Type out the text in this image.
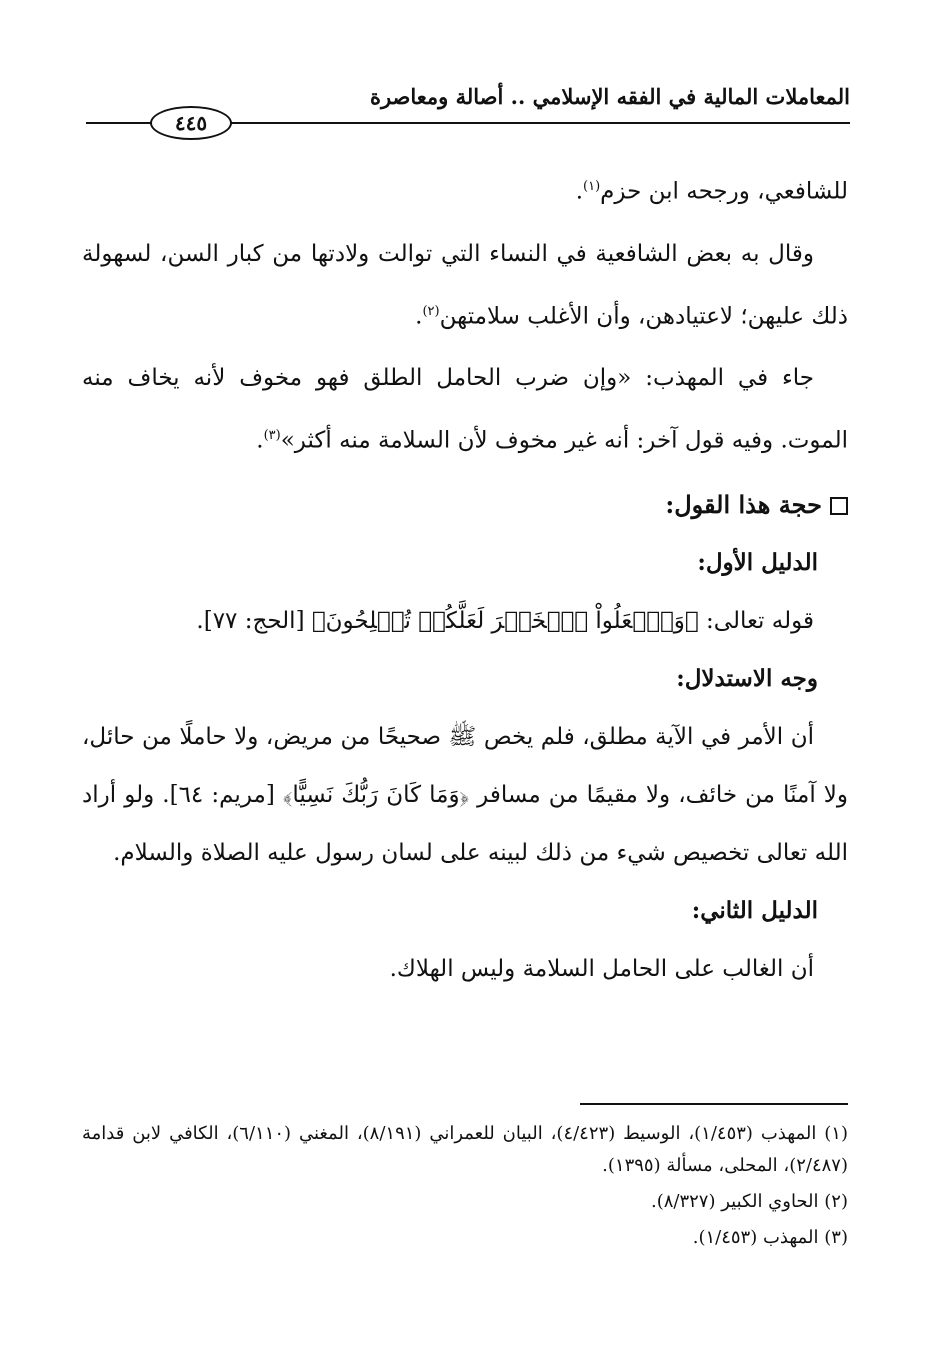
المعاملات المالية في الفقه الإسلامي .. أصالة ومعاصرة
٤٤٥

للشافعي، ورجحه ابن حزم$^{(١)}$.

وقال به بعض الشافعية في النساء التي توالت ولادتها من كبار السن، لسهولة ذلك عليهن؛ لاعتيادهن، وأن الأغلب سلامتهن$^{(٢)}$.

جاء في المهذب: «وإن ضرب الحامل الطلق فهو مخوف لأنه يخاف منه الموت. وفيه قول آخر: أنه غير مخوف لأن السلامة منه أكثر»$^{(٣)}$.

حجة هذا القول:

الدليل الأول:

قوله تعالى: ﴿وَٱفۡعَلُواْ ٱلۡخَيۡرَ لَعَلَّكُمۡ تُفۡلِحُونَ﴾ [الحج: ٧٧].

وجه الاستدلال:

أن الأمر في الآية مطلق، فلم يخص ﷺ صحيحًا من مريض، ولا حاملًا من حائل، ولا آمنًا من خائف، ولا مقيمًا من مسافر ﴿وَمَا كَانَ رَبُّكَ نَسِيًّا﴾ [مريم: ٦٤]. ولو أراد الله تعالى تخصيص شيء من ذلك لبينه على لسان رسول عليه الصلاة والسلام.

الدليل الثاني:

أن الغالب على الحامل السلامة وليس الهلاك.

(١) المهذب (١/٤٥٣)، الوسيط (٤/٤٢٣)، البيان للعمراني (٨/١٩١)، المغني (٦/١١٠)، الكافي لابن قدامة (٢/٤٨٧)، المحلى، مسألة (١٣٩٥).

(٢) الحاوي الكبير (٨/٣٢٧).

(٣) المهذب (١/٤٥٣).
